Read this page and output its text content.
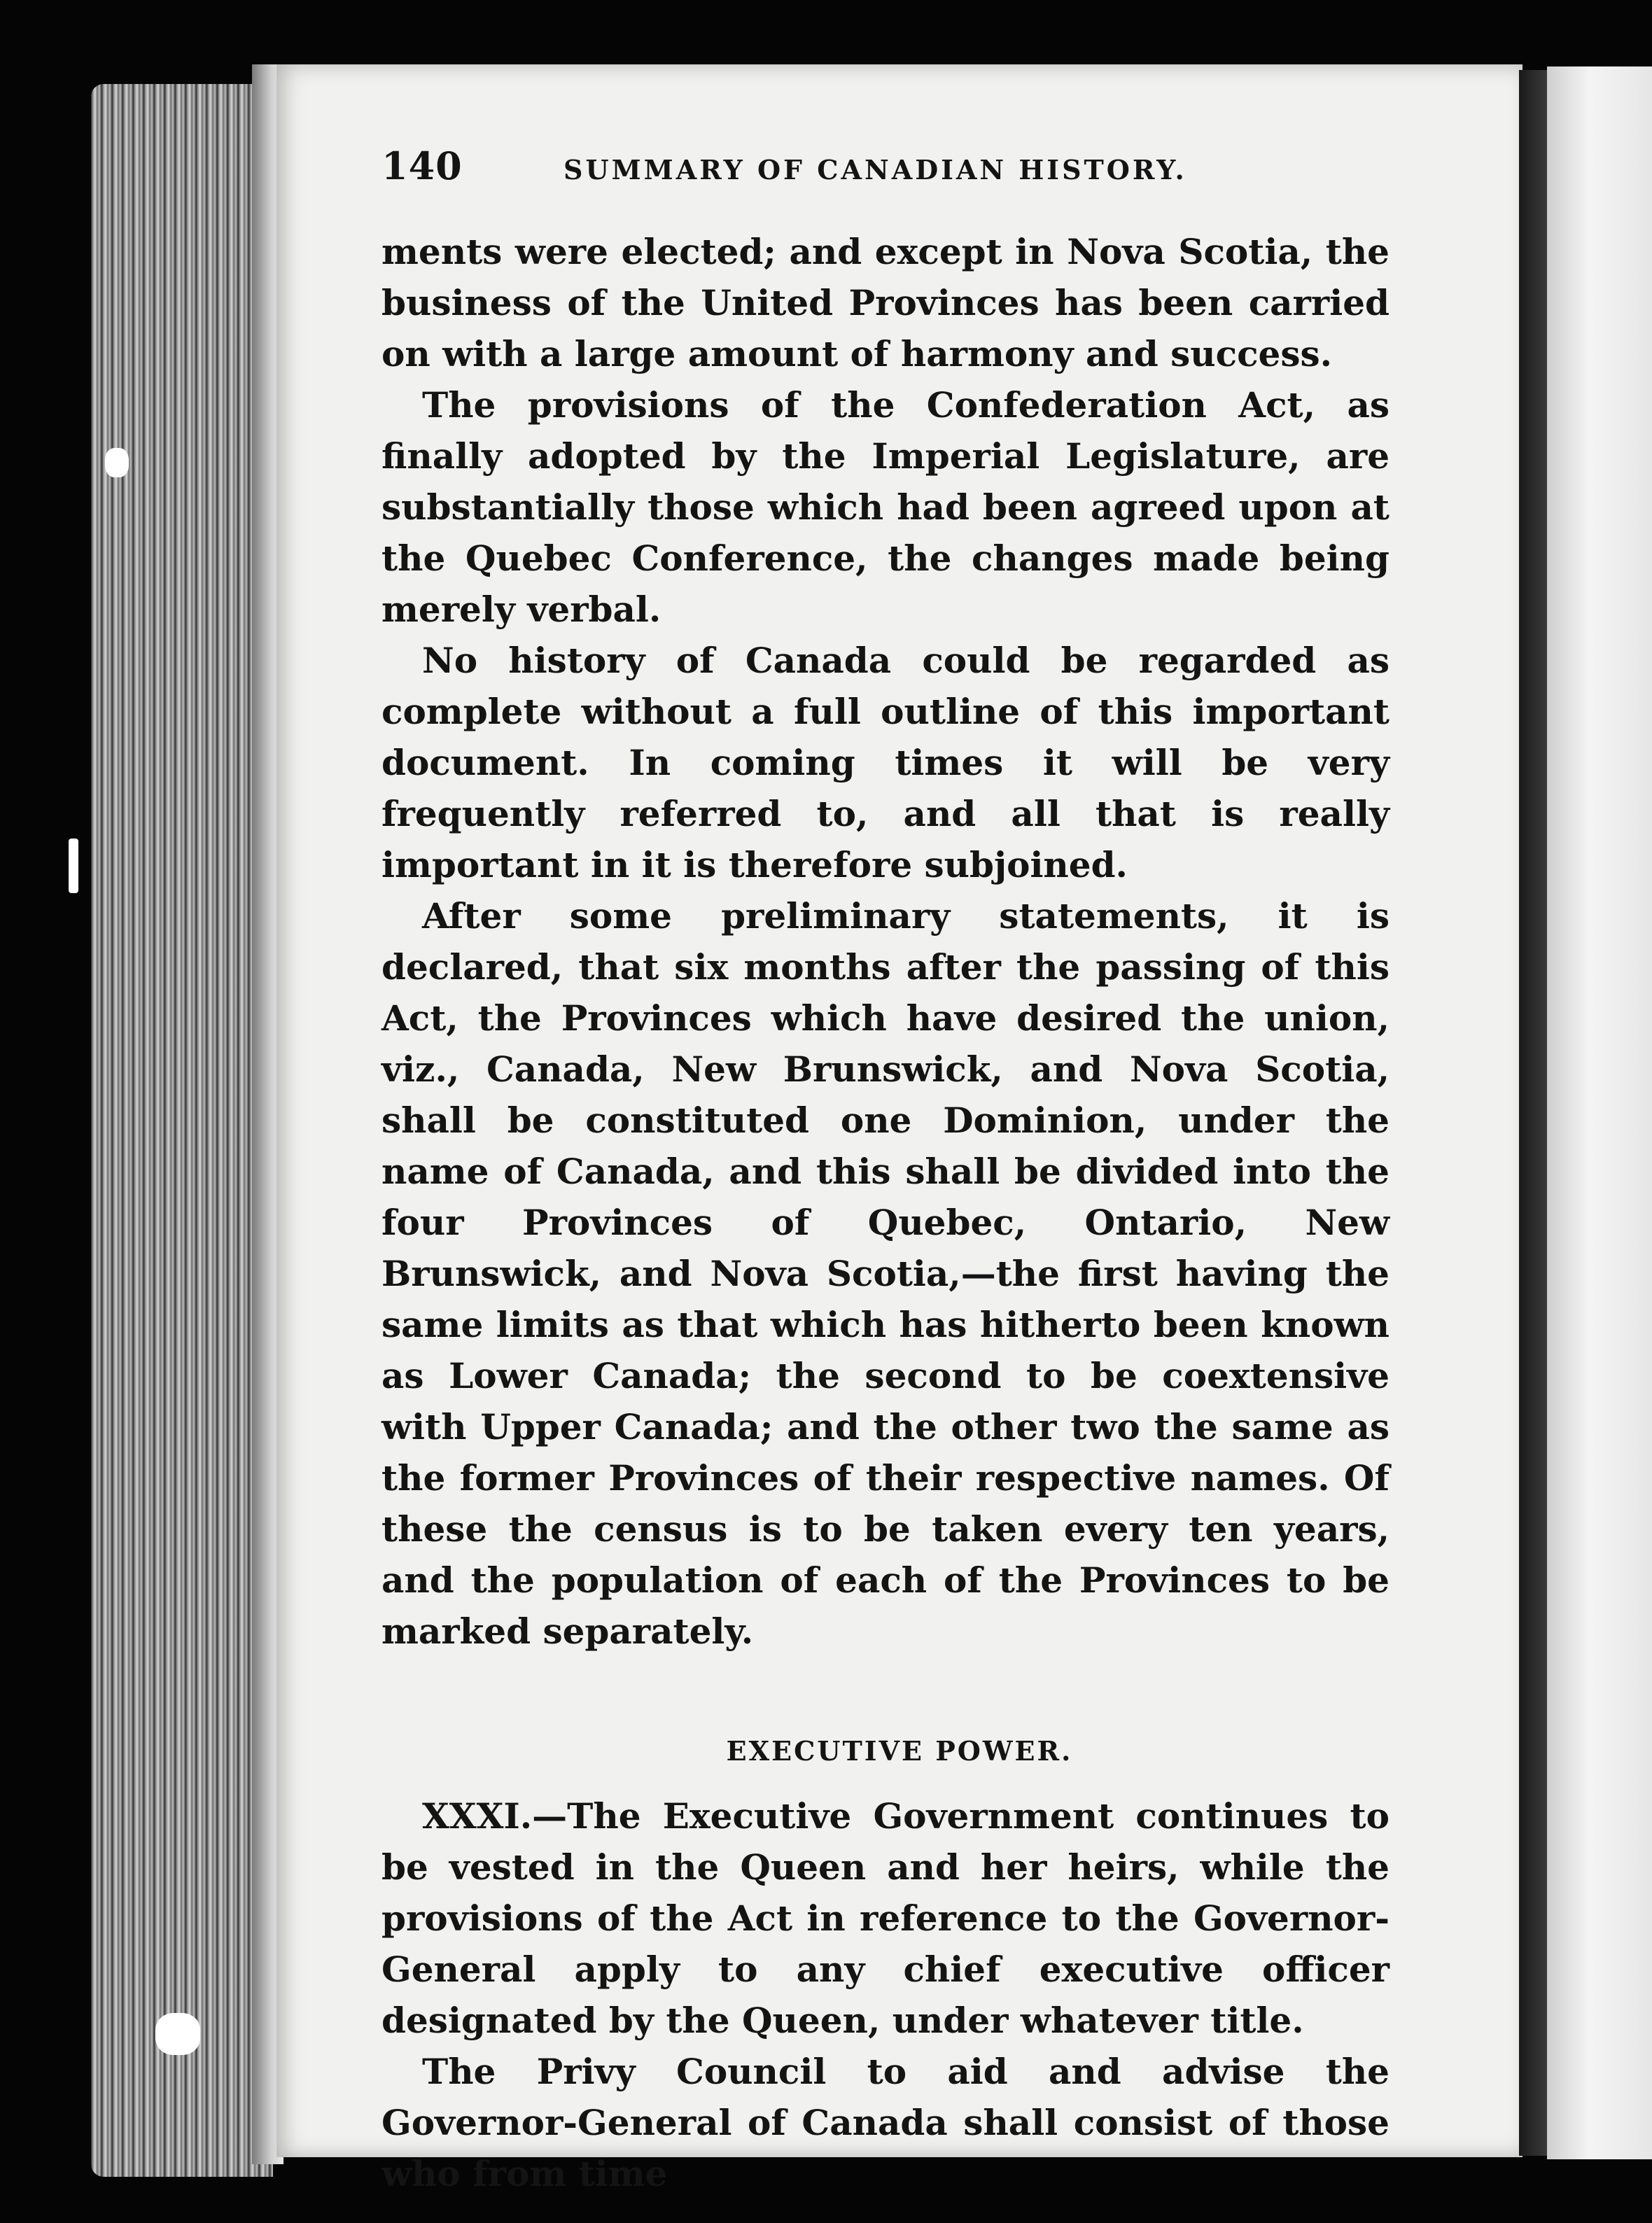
140	SUMMARY OF CANADIAN HISTORY.

ments were elected; and except in Nova Scotia, the business of the United Provinces has been carried on with a large amount of harmony and success.

The provisions of the Confederation Act, as finally adopted by the Imperial Legislature, are substantially those which had been agreed upon at the Quebec Conference, the changes made being merely verbal.

No history of Canada could be regarded as complete without a full outline of this important document. In coming times it will be very frequently referred to, and all that is really important in it is therefore subjoined.

After some preliminary statements, it is declared, that six months after the passing of this Act, the Provinces which have desired the union, viz., Canada, New Brunswick, and Nova Scotia, shall be constituted one Dominion, under the name of Canada, and this shall be divided into the four Provinces of Quebec, Ontario, New Brunswick, and Nova Scotia,—the first having the same limits as that which has hitherto been known as Lower Canada; the second to be coextensive with Upper Canada; and the other two the same as the former Provinces of their respective names. Of these the census is to be taken every ten years, and the population of each of the Provinces to be marked separately.

EXECUTIVE POWER.

XXXI.—The Executive Government continues to be vested in the Queen and her heirs, while the provisions of the Act in reference to the Governor-General apply to any chief executive officer designated by the Queen, under whatever title.

The Privy Council to aid and advise the Governor-General of Canada shall consist of those who from time
